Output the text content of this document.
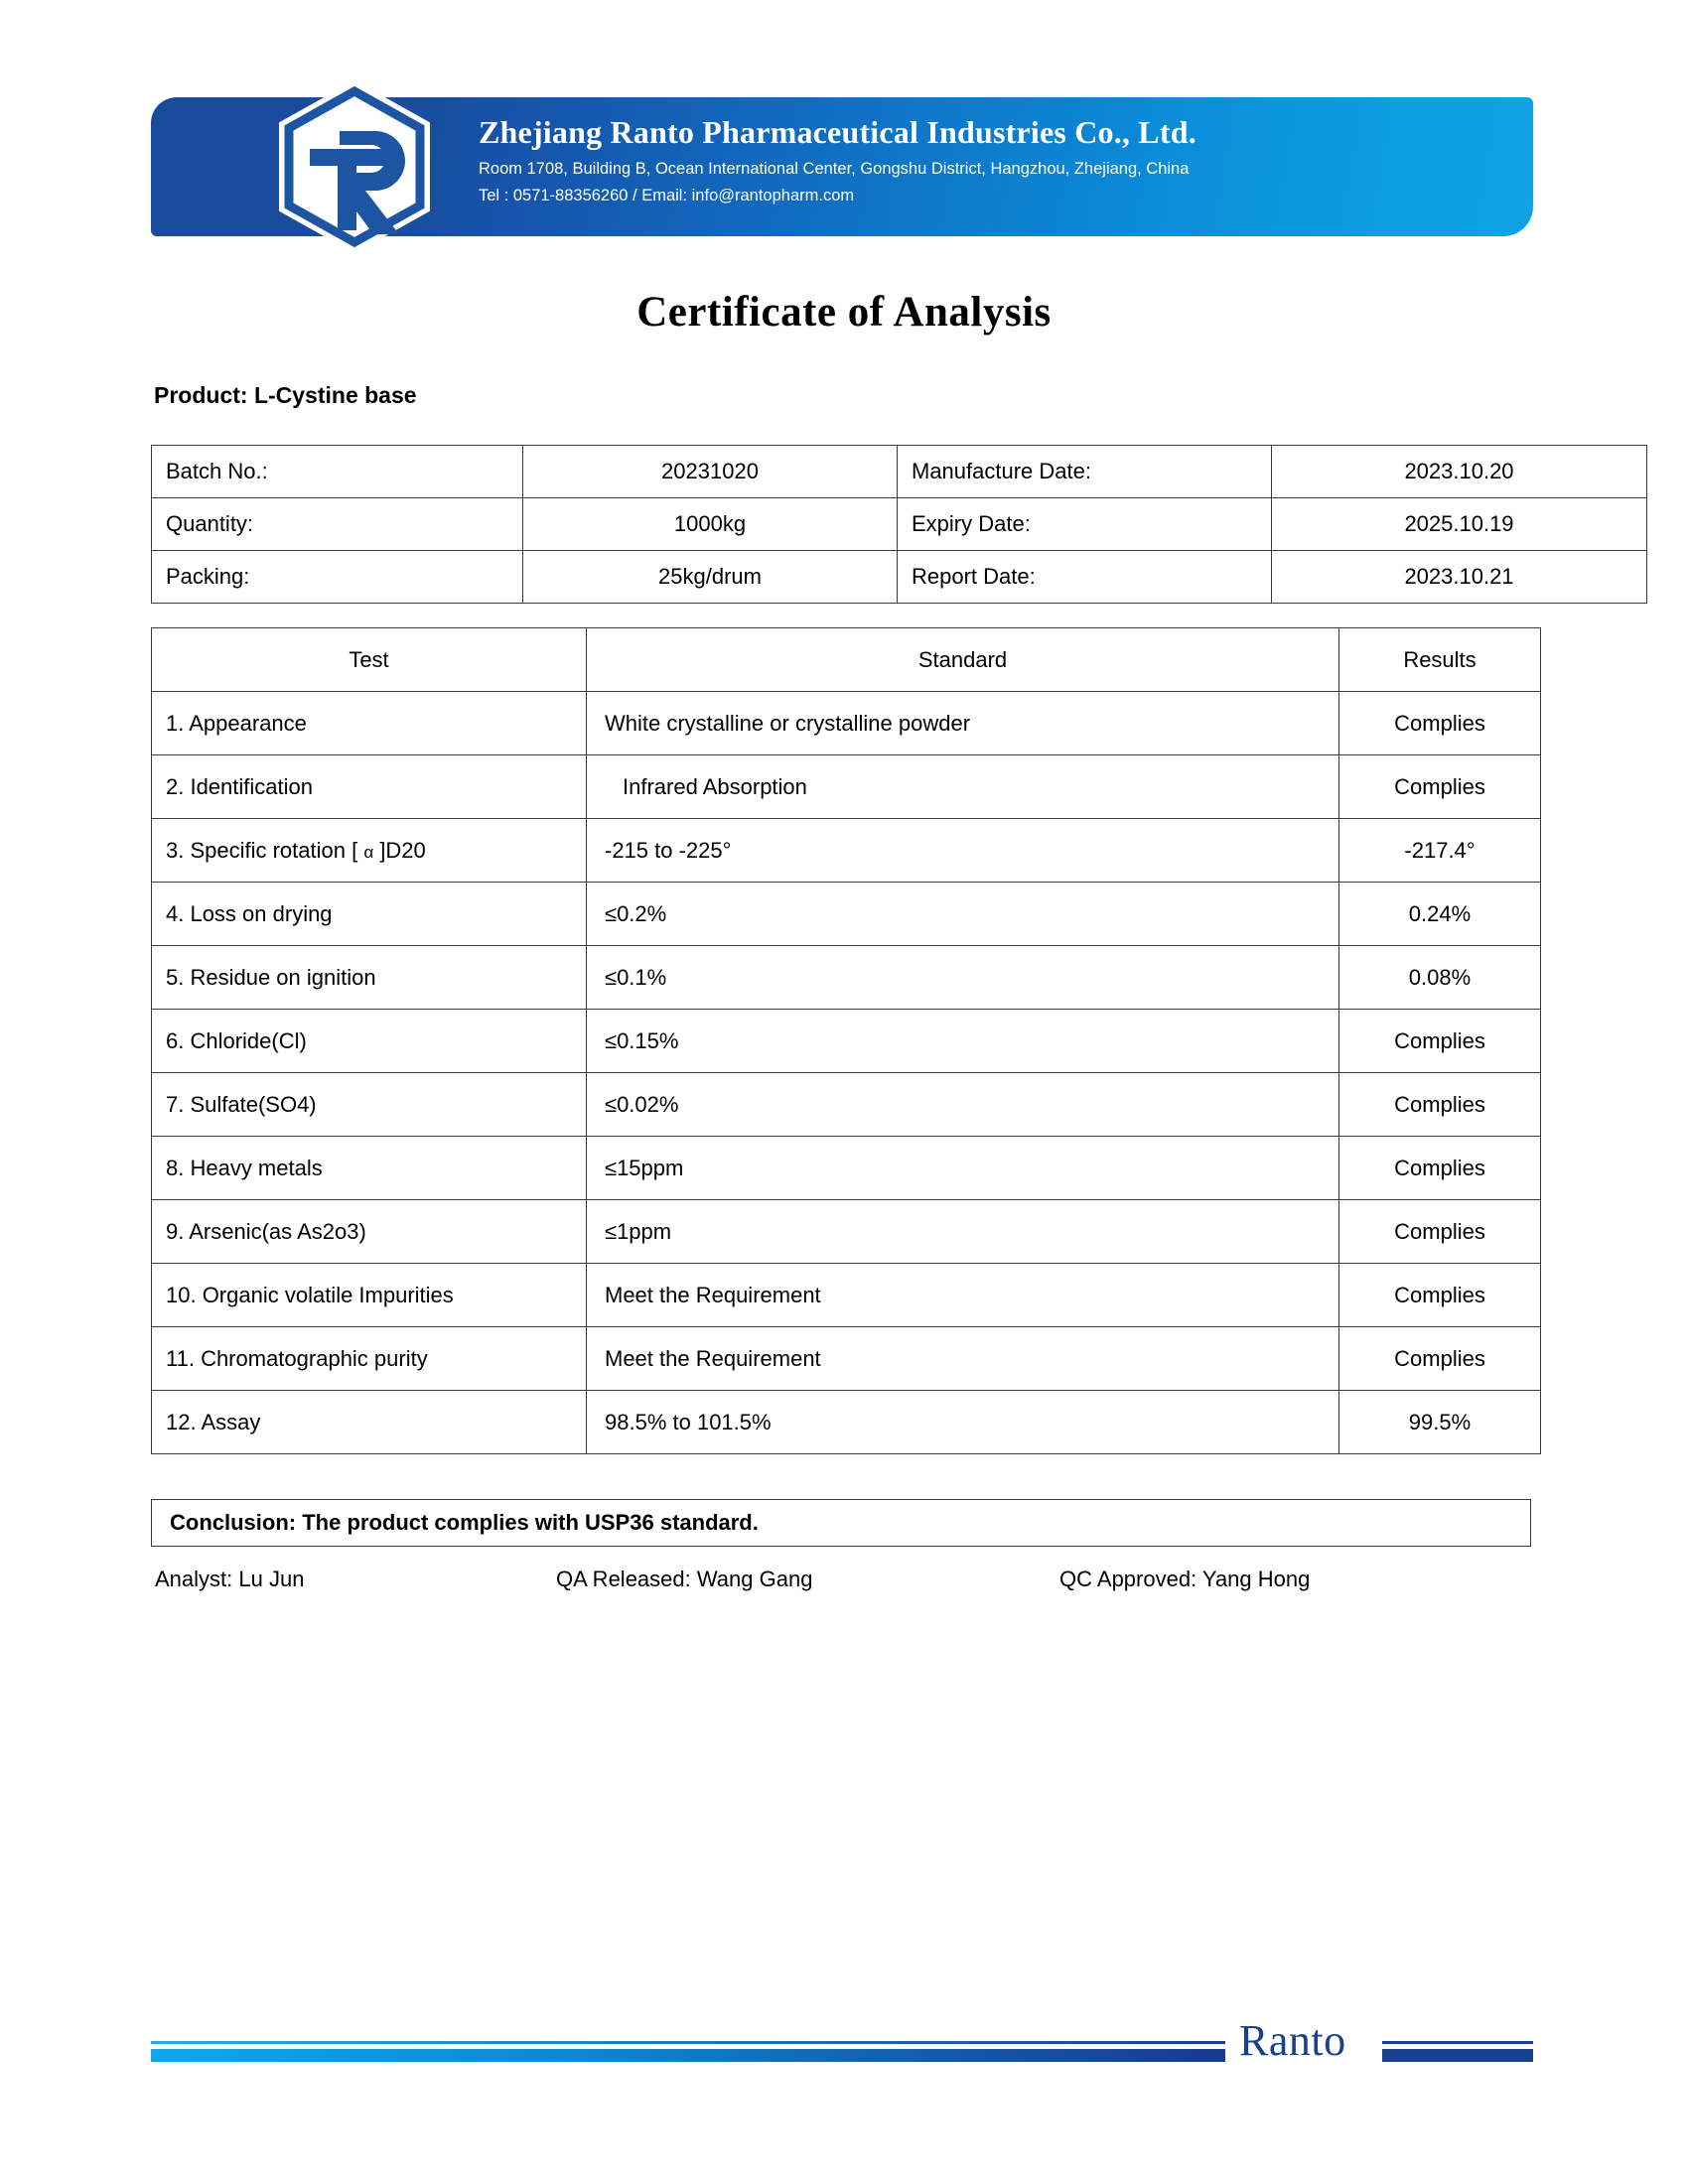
Zhejiang Ranto Pharmaceutical Industries Co., Ltd.
Room 1708, Building B, Ocean International Center, Gongshu District, Hangzhou, Zhejiang, China
Tel : 0571-88356260 / Email: info@rantopharm.com
Certificate of Analysis
Product: L-Cystine base
Batch No.:	20231020	Manufacture Date:	2023.10.20
Quantity:	1000kg	Expiry Date:	2025.10.19
Packing:	25kg/drum	Report Date:	2023.10.21
Test	Standard	Results
1. Appearance	White crystalline or crystalline powder	Complies
2. Identification	Infrared Absorption	Complies
3. Specific rotation [ α ]D20	-215 to -225°	-217.4°
4. Loss on drying	≤0.2%	0.24%
5. Residue on ignition	≤0.1%	0.08%
6. Chloride(Cl)	≤0.15%	Complies
7. Sulfate(SO4)	≤0.02%	Complies
8. Heavy metals	≤15ppm	Complies
9. Arsenic(as As2o3)	≤1ppm	Complies
10. Organic volatile Impurities	Meet the Requirement	Complies
11. Chromatographic purity	Meet the Requirement	Complies
12. Assay	98.5% to 101.5%	99.5%
Conclusion: The product complies with USP36 standard.
Analyst: Lu Jun	QA Released: Wang Gang	QC Approved: Yang Hong
Ranto
